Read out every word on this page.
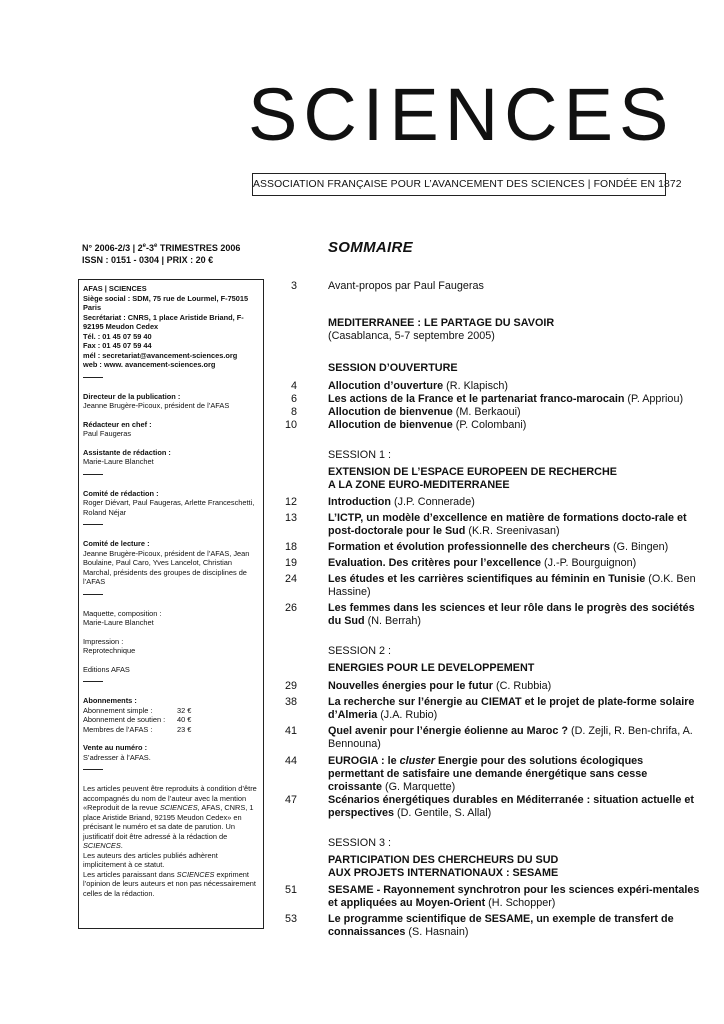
SCIENCES
ASSOCIATION FRANÇAISE POUR L’AVANCEMENT DES SCIENCES | FONDÉE EN 1872
N° 2006-2/3 | 2e-3e TRIMESTRES 2006
ISSN : 0151 - 0304 | PRIX : 20 €
AFAS | SCIENCES
Siège social : SDM, 75 rue de Lourmel, F-75015 Paris
Secrétariat : CNRS, 1 place Aristide Briand, F-92195 Meudon Cedex
Tél. : 01 45 07 59 40
Fax : 01 45 07 59 44
mél : secretariat@avancement-sciences.org
web : www. avancement-sciences.org
Directeur de la publication :
Jeanne Brugère-Picoux, président de l’AFAS
Rédacteur en chef :
Paul Faugeras
Assistante de rédaction :
Marie-Laure Blanchet
Comité de rédaction :
Roger Diévart, Paul Faugeras, Arlette Franceschetti, Roland Néjar
Comité de lecture :
Jeanne Brugère-Picoux, président de l’AFAS, Jean Boulaine, Paul Caro, Yves Lancelot, Christian Marchal, présidents des groupes de disciplines de l’AFAS
Maquette, composition :
Marie-Laure Blanchet
Impression :
Reprotechnique
Editions AFAS
Abonnements :
Abonnement simple :	32 €
Abonnement de soutien :	40 €
Membres de l’AFAS :	23 €
Vente au numéro :
S’adresser à l’AFAS.
Les articles peuvent être reproduits à condition d’être accompagnés du nom de l’auteur avec la mention «Reproduit de la revue SCIENCES, AFAS, CNRS, 1 place Aristide Briand, 92195 Meudon Cedex» en précisant le numéro et sa date de parution. Un justificatif doit être adressé à la rédaction de SCIENCES.
Les auteurs des articles publiés adhèrent implicitement à ce statut.
Les articles paraissant dans SCIENCES expriment l’opinion de leurs auteurs et non pas nécessairement celles de la rédaction.
SOMMAIRE
3	Avant-propos par Paul Faugeras
MEDITERRANEE : LE PARTAGE DU SAVOIR
(Casablanca, 5-7 septembre 2005)
SESSION D’OUVERTURE
4	Allocution d’ouverture (R. Klapisch)
6	Les actions de la France et le partenariat franco-marocain (P. Appriou)
8	Allocution de bienvenue (M. Berkaoui)
10	Allocution de bienvenue (P. Colombani)
SESSION 1 :
EXTENSION DE L’ESPACE EUROPEEN DE RECHERCHE
A LA ZONE EURO-MEDITERRANEE
12	Introduction (J.P. Connerade)
13	L’ICTP, un modèle d’excellence en matière de formations docto-rale et post-doctorale pour le Sud (K.R. Sreenivasan)
18	Formation et évolution professionnelle des chercheurs (G. Bingen)
19	Evaluation. Des critères pour l’excellence (J.-P. Bourguignon)
24	Les études et les carrières scientifiques au féminin en Tunisie (O.K. Ben Hassine)
26	Les femmes dans les sciences et leur rôle dans le progrès des sociétés du Sud (N. Berrah)
SESSION 2 :
ENERGIES POUR LE DEVELOPPEMENT
29	Nouvelles énergies pour le futur (C. Rubbia)
38	La recherche sur l’énergie au CIEMAT et le projet de plate-forme solaire d’Almeria (J.A. Rubio)
41	Quel avenir pour l’énergie éolienne au Maroc ? (D. Zejli, R. Ben-chrifa, A. Bennouna)
44	EUROGIA : le cluster Energie pour des solutions écologiques permettant de satisfaire une demande énergétique sans cesse croissante (G. Marquette)
47	Scénarios énergétiques durables en Méditerranée : situation actuelle et perspectives (D. Gentile, S. Allal)
SESSION 3 :
PARTICIPATION DES CHERCHEURS DU SUD
AUX PROJETS INTERNATIONAUX : SESAME
51	SESAME - Rayonnement synchrotron pour les sciences expéri-mentales et appliquées au Moyen-Orient (H. Schopper)
53	Le programme scientifique de SESAME, un exemple de transfert de connaissances (S. Hasnain)
